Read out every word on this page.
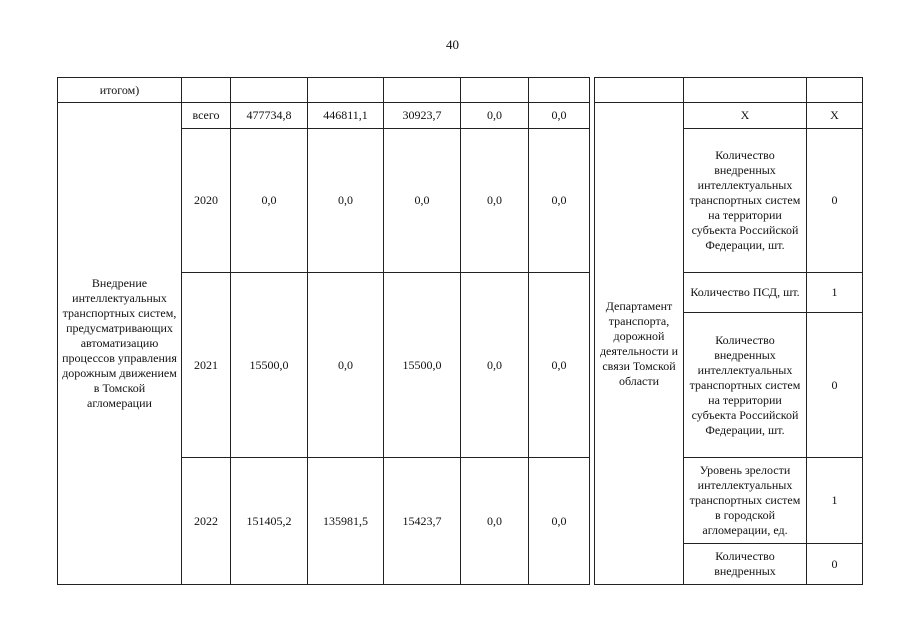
40
итогом)										
Внедрение интеллектуальных транспортных систем, предусматривающих автоматизацию процессов управления дорожным движением в Томской агломерации	всего	477734,8	446811,1	30923,7	0,0	0,0		Департамент транспорта, дорожной деятельности и связи Томской области	Х	Х
	2020	0,0	0,0	0,0	0,0	0,0			Количество внедренных интеллектуальных транспортных систем на территории субъекта Российской Федерации, шт.	0
	2021	15500,0	0,0	15500,0	0,0	0,0			Количество ПСД, шт.	1
									Количество внедренных интеллектуальных транспортных систем на территории субъекта Российской Федерации, шт.	0
	2022	151405,2	135981,5	15423,7	0,0	0,0			Уровень зрелости интеллектуальных транспортных систем в городской агломерации, ед.	1
									Количество внедренных	0
